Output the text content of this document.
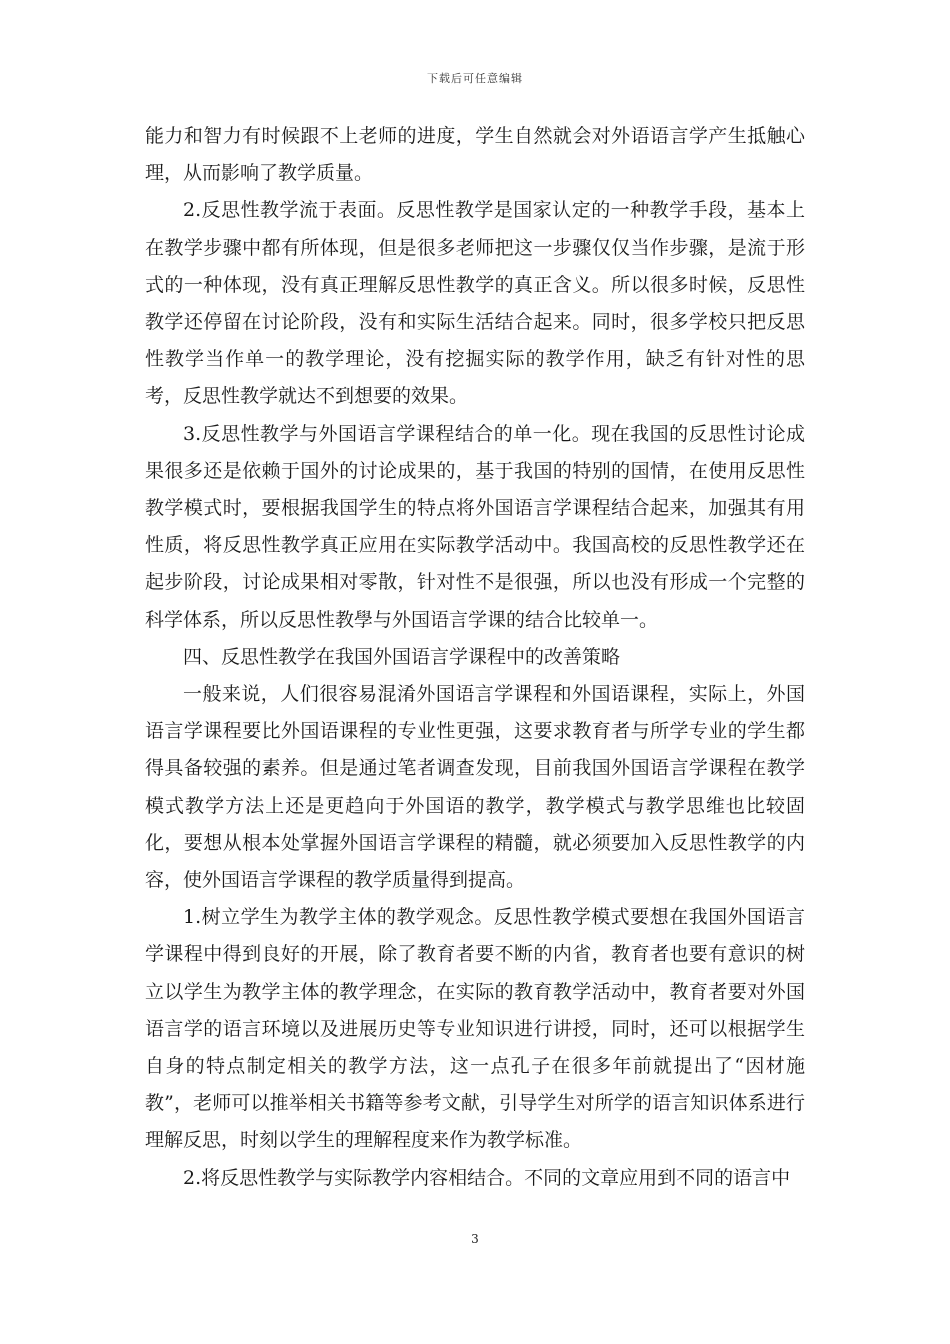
下载后可任意编辑

能力和智力有时候跟不上老师的进度，学生自然就会对外语语言学产生抵触心理，从而影响了教学质量。

2.反思性教学流于表面。反思性教学是国家认定的一种教学手段，基本上在教学步骤中都有所体现，但是很多老师把这一步骤仅仅当作步骤，是流于形式的一种体现，没有真正理解反思性教学的真正含义。所以很多时候，反思性教学还停留在讨论阶段，没有和实际生活结合起来。同时，很多学校只把反思性教学当作单一的教学理论，没有挖掘实际的教学作用，缺乏有针对性的思考，反思性教学就达不到想要的效果。

3.反思性教学与外国语言学课程结合的单一化。现在我国的反思性讨论成果很多还是依赖于国外的讨论成果的，基于我国的特别的国情，在使用反思性教学模式时，要根据我国学生的特点将外国语言学课程结合起来，加强其有用性质，将反思性教学真正应用在实际教学活动中。我国高校的反思性教学还在起步阶段，讨论成果相对零散，针对性不是很强，所以也没有形成一个完整的科学体系，所以反思性教學与外国语言学课的结合比较单一。

四、反思性教学在我国外国语言学课程中的改善策略

一般来说，人们很容易混淆外国语言学课程和外国语课程，实际上，外国语言学课程要比外国语课程的专业性更强，这要求教育者与所学专业的学生都得具备较强的素养。但是通过笔者调查发现，目前我国外国语言学课程在教学模式教学方法上还是更趋向于外国语的教学，教学模式与教学思维也比较固化，要想从根本处掌握外国语言学课程的精髓，就必须要加入反思性教学的内容，使外国语言学课程的教学质量得到提高。

1.树立学生为教学主体的教学观念。反思性教学模式要想在我国外国语言学课程中得到良好的开展，除了教育者要不断的内省，教育者也要有意识的树立以学生为教学主体的教学理念，在实际的教育教学活动中，教育者要对外国语言学的语言环境以及进展历史等专业知识进行讲授，同时，还可以根据学生自身的特点制定相关的教学方法，这一点孔子在很多年前就提出了“因材施教”，老师可以推举相关书籍等参考文献，引导学生对所学的语言知识体系进行理解反思，时刻以学生的理解程度来作为教学标准。

2.将反思性教学与实际教学内容相结合。不同的文章应用到不同的语言中

3
